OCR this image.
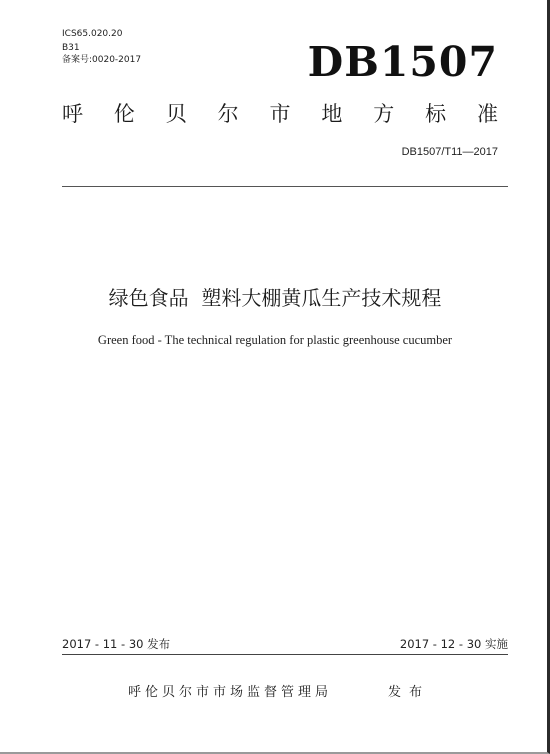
ICS65.020.20
B31
备案号:0020-2017	DB1507
呼 伦 贝 尔 市 地 方 标 准
DB1507/T11—2017
绿色食品  塑料大棚黄瓜生产技术规程
Green food - The technical regulation for plastic greenhouse cucumber
2017 - 11 - 30 发布	2017 - 12 - 30 实施
呼伦贝尔市市场监督管理局	发布
